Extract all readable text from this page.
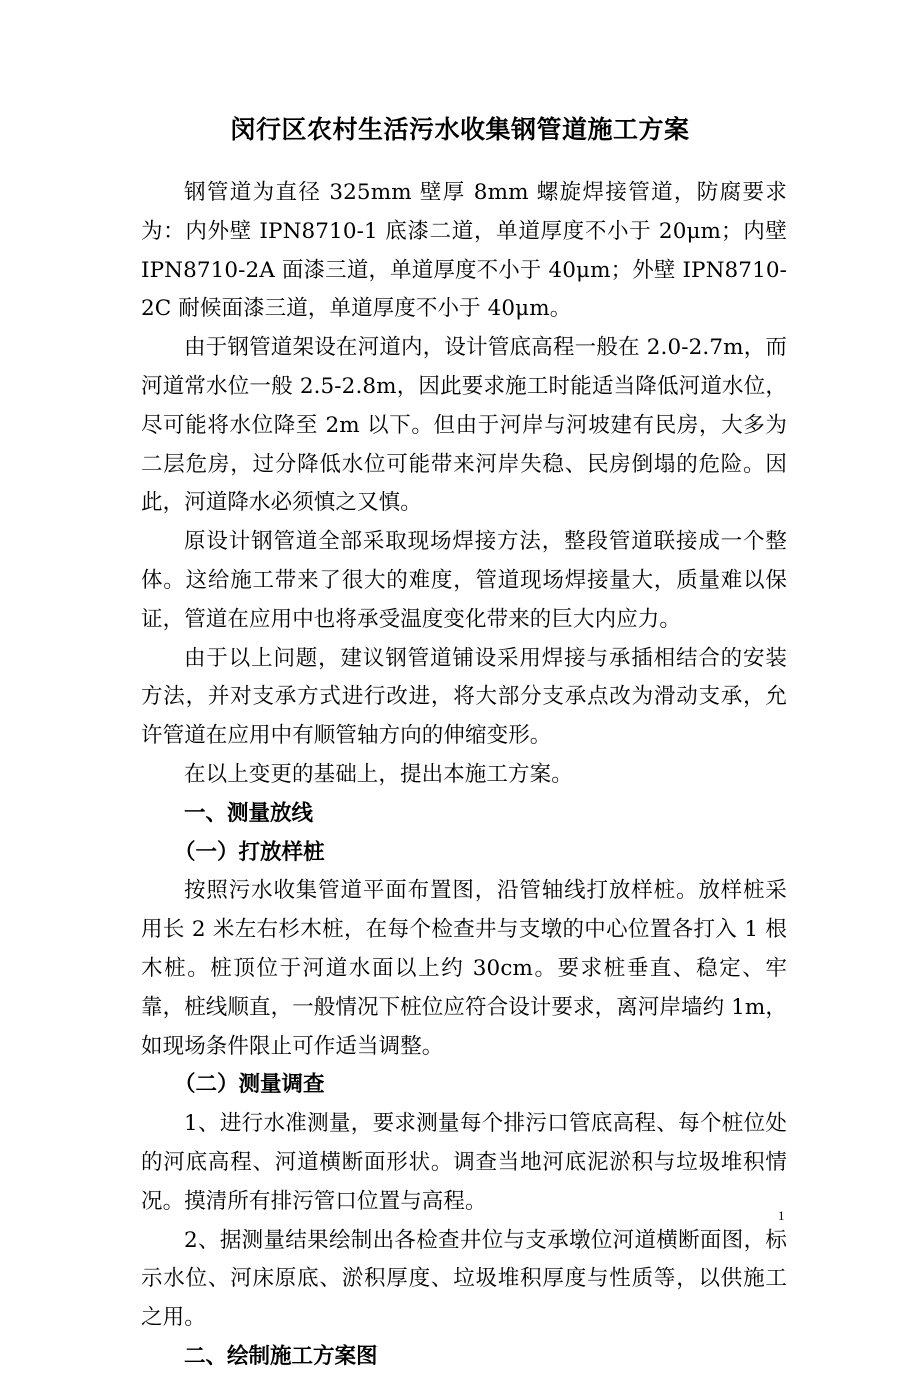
闵行区农村生活污水收集钢管道施工方案

钢管道为直径 325mm 壁厚 8mm 螺旋焊接管道，防腐要求为：内外壁 IPN8710-1 底漆二道，单道厚度不小于 20μm；内壁 IPN8710-2A 面漆三道，单道厚度不小于 40μm；外壁 IPN8710-2C 耐候面漆三道，单道厚度不小于 40μm。

由于钢管道架设在河道内，设计管底高程一般在 2.0-2.7m，而河道常水位一般 2.5-2.8m，因此要求施工时能适当降低河道水位，尽可能将水位降至 2m 以下。但由于河岸与河坡建有民房，大多为二层危房，过分降低水位可能带来河岸失稳、民房倒塌的危险。因此，河道降水必须慎之又慎。

原设计钢管道全部采取现场焊接方法，整段管道联接成一个整体。这给施工带来了很大的难度，管道现场焊接量大，质量难以保证，管道在应用中也将承受温度变化带来的巨大内应力。

由于以上问题，建议钢管道铺设采用焊接与承插相结合的安装方法，并对支承方式进行改进，将大部分支承点改为滑动支承，允许管道在应用中有顺管轴方向的伸缩变形。

在以上变更的基础上，提出本施工方案。

一、测量放线

（一）打放样桩

按照污水收集管道平面布置图，沿管轴线打放样桩。放样桩采用长 2 米左右杉木桩，在每个检查井与支墩的中心位置各打入 1 根木桩。桩顶位于河道水面以上约 30cm。要求桩垂直、稳定、牢靠，桩线顺直，一般情况下桩位应符合设计要求，离河岸墙约 1m，如现场条件限止可作适当调整。

（二）测量调查

1、进行水准测量，要求测量每个排污口管底高程、每个桩位处的河底高程、河道横断面形状。调查当地河底泥淤积与垃圾堆积情况。摸清所有排污管口位置与高程。

2、据测量结果绘制出各检查井位与支承墩位河道横断面图，标示水位、河床原底、淤积厚度、垃圾堆积厚度与性质等，以供施工之用。

二、绘制施工方案图

1
